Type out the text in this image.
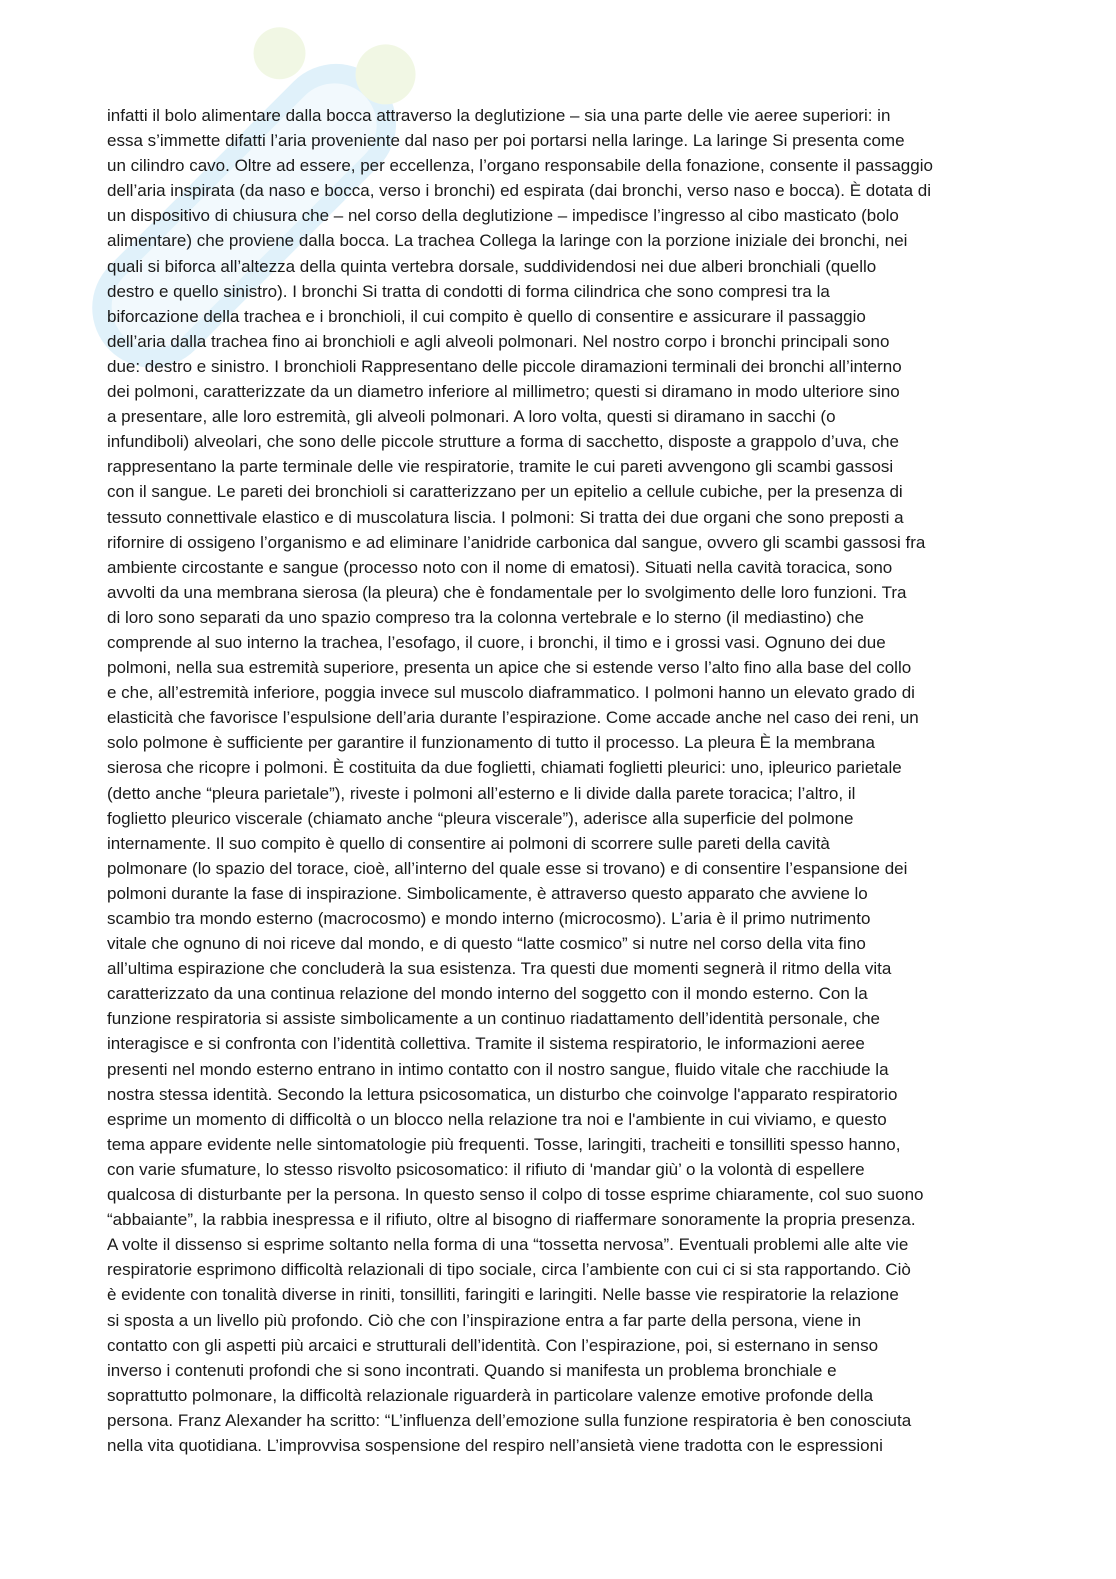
infatti il bolo alimentare dalla bocca attraverso la deglutizione – sia una parte delle vie aeree superiori: in
essa s’immette difatti l’aria proveniente dal naso per poi portarsi nella laringe. La laringe Si presenta come
un cilindro cavo. Oltre ad essere, per eccellenza, l’organo responsabile della fonazione, consente il passaggio
dell’aria inspirata (da naso e bocca, verso i bronchi) ed espirata (dai bronchi, verso naso e bocca). È dotata di
un dispositivo di chiusura che – nel corso della deglutizione – impedisce l’ingresso al cibo masticato (bolo
alimentare) che proviene dalla bocca. La trachea Collega la laringe con la porzione iniziale dei bronchi, nei
quali si biforca all’altezza della quinta vertebra dorsale, suddividendosi nei due alberi bronchiali (quello
destro e quello sinistro). I bronchi Si tratta di condotti di forma cilindrica che sono compresi tra la
biforcazione della trachea e i bronchioli, il cui compito è quello di consentire e assicurare il passaggio
dell’aria dalla trachea fino ai bronchioli e agli alveoli polmonari. Nel nostro corpo i bronchi principali sono
due: destro e sinistro. I bronchioli Rappresentano delle piccole diramazioni terminali dei bronchi all’interno
dei polmoni, caratterizzate da un diametro inferiore al millimetro; questi si diramano in modo ulteriore sino
a presentare, alle loro estremità, gli alveoli polmonari. A loro volta, questi si diramano in sacchi (o
infundiboli) alveolari, che sono delle piccole strutture a forma di sacchetto, disposte a grappolo d’uva, che
rappresentano la parte terminale delle vie respiratorie, tramite le cui pareti avvengono gli scambi gassosi
con il sangue. Le pareti dei bronchioli si caratterizzano per un epitelio a cellule cubiche, per la presenza di
tessuto connettivale elastico e di muscolatura liscia. I polmoni: Si tratta dei due organi che sono preposti a
rifornire di ossigeno l’organismo e ad eliminare l’anidride carbonica dal sangue, ovvero gli scambi gassosi fra
ambiente circostante e sangue (processo noto con il nome di ematosi). Situati nella cavità toracica, sono
avvolti da una membrana sierosa (la pleura) che è fondamentale per lo svolgimento delle loro funzioni. Tra
di loro sono separati da uno spazio compreso tra la colonna vertebrale e lo sterno (il mediastino) che
comprende al suo interno la trachea, l’esofago, il cuore, i bronchi, il timo e i grossi vasi. Ognuno dei due
polmoni, nella sua estremità superiore, presenta un apice che si estende verso l’alto fino alla base del collo
e che, all’estremità inferiore, poggia invece sul muscolo diaframmatico. I polmoni hanno un elevato grado di
elasticità che favorisce l’espulsione dell’aria durante l’espirazione. Come accade anche nel caso dei reni, un
solo polmone è sufficiente per garantire il funzionamento di tutto il processo. La pleura È la membrana
sierosa che ricopre i polmoni. È costituita da due foglietti, chiamati foglietti pleurici: uno, ipleurico parietale
(detto anche “pleura parietale”), riveste i polmoni all’esterno e li divide dalla parete toracica; l’altro, il
foglietto pleurico viscerale (chiamato anche “pleura viscerale”), aderisce alla superficie del polmone
internamente. Il suo compito è quello di consentire ai polmoni di scorrere sulle pareti della cavità
polmonare (lo spazio del torace, cioè, all’interno del quale esse si trovano) e di consentire l’espansione dei
polmoni durante la fase di inspirazione. Simbolicamente, è attraverso questo apparato che avviene lo
scambio tra mondo esterno (macrocosmo) e mondo interno (microcosmo). L’aria è il primo nutrimento
vitale che ognuno di noi riceve dal mondo, e di questo “latte cosmico” si nutre nel corso della vita fino
all’ultima espirazione che concluderà la sua esistenza. Tra questi due momenti segnerà il ritmo della vita
caratterizzato da una continua relazione del mondo interno del soggetto con il mondo esterno. Con la
funzione respiratoria si assiste simbolicamente a un continuo riadattamento dell’identità personale, che
interagisce e si confronta con l’identità collettiva. Tramite il sistema respiratorio, le informazioni aeree
presenti nel mondo esterno entrano in intimo contatto con il nostro sangue, fluido vitale che racchiude la
nostra stessa identità. Secondo la lettura psicosomatica, un disturbo che coinvolge l'apparato respiratorio
esprime un momento di difficoltà o un blocco nella relazione tra noi e l'ambiente in cui viviamo, e questo
tema appare evidente nelle sintomatologie più frequenti. Tosse, laringiti, tracheiti e tonsilliti spesso hanno,
con varie sfumature, lo stesso risvolto psicosomatico: il rifiuto di 'mandar giù’ o la volontà di espellere
qualcosa di disturbante per la persona. In questo senso il colpo di tosse esprime chiaramente, col suo suono
“abbaiante”, la rabbia inespressa e il rifiuto, oltre al bisogno di riaffermare sonoramente la propria presenza.
A volte il dissenso si esprime soltanto nella forma di una “tossetta nervosa”. Eventuali problemi alle alte vie
respiratorie esprimono difficoltà relazionali di tipo sociale, circa l’ambiente con cui ci si sta rapportando. Ciò
è evidente con tonalità diverse in riniti, tonsilliti, faringiti e laringiti. Nelle basse vie respiratorie la relazione
si sposta a un livello più profondo. Ciò che con l’inspirazione entra a far parte della persona, viene in
contatto con gli aspetti più arcaici e strutturali dell’identità. Con l’espirazione, poi, si esternano in senso
inverso i contenuti profondi che si sono incontrati. Quando si manifesta un problema bronchiale e
soprattutto polmonare, la difficoltà relazionale riguarderà in particolare valenze emotive profonde della
persona. Franz Alexander ha scritto: “L’influenza dell’emozione sulla funzione respiratoria è ben conosciuta
nella vita quotidiana. L’improvvisa sospensione del respiro nell’ansietà viene tradotta con le espressioni
